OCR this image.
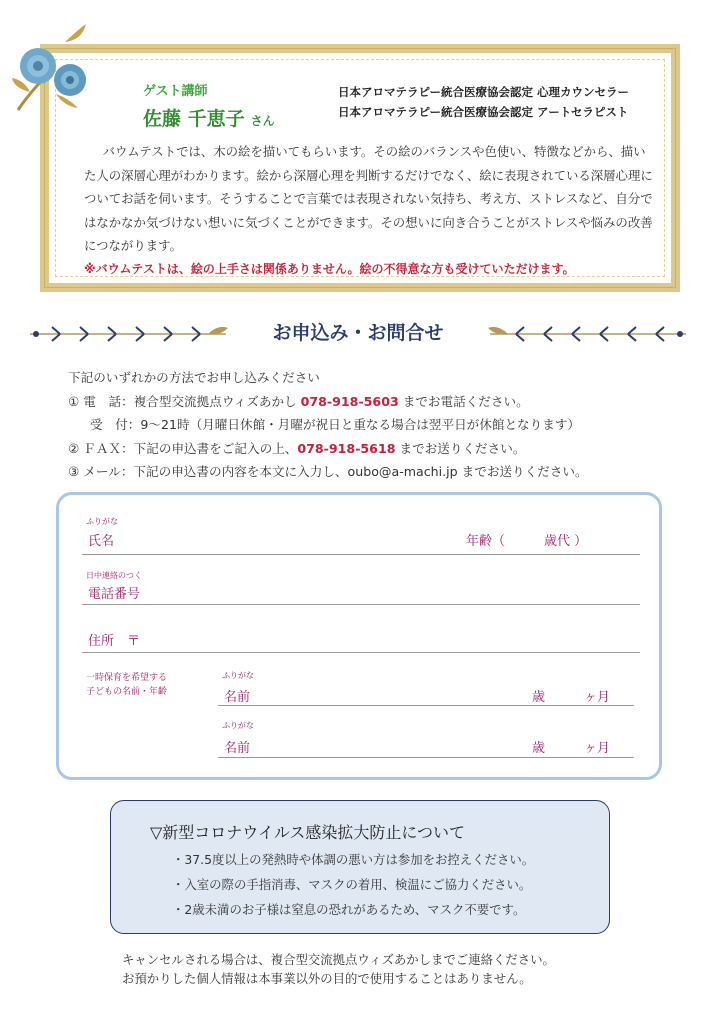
ゲスト講師
佐藤 千恵子 さん
日本アロマテラピー統合医療協会認定 心理カウンセラー
日本アロマテラピー統合医療協会認定 アートセラピスト

バウムテストでは、木の絵を描いてもらいます。その絵のバランスや色使い、特徴などから、描いた人の深層心理がわかります。絵から深層心理を判断するだけでなく、絵に表現されている深層心理についてお話を伺います。そうすることで言葉では表現されない気持ち、考え方、ストレスなど、自分ではなかなか気づけない想いに気づくことができます。その想いに向き合うことがストレスや悩みの改善につながります。

※バウムテストは、絵の上手さは関係ありません。絵の不得意な方も受けていただけます。

お申込み・お問合せ
下記のいずれかの方法でお申し込みください
① 電　話：複合型交流拠点ウィズあかし 078-918-5603 までお電話ください。
受　付：9～21時（月曜日休館・月曜が祝日と重なる場合は翌平日が休館となります）
② ＦＡＸ：下記の申込書をご記入の上、078-918-5618 までお送りください。
③ メール：下記の申込書の内容を本文に入力し、oubo@a-machi.jp までお送りください。
ふりがな
氏名	年齢（　　　歳代 ）
日中連絡のつく
電話番号
住所　〒
一時保育を希望する
子どもの名前・年齢
ふりがな
名前	歳	ヶ月
ふりがな
名前	歳	ヶ月
▽新型コロナウイルス感染拡大防止について
・37.5度以上の発熱時や体調の悪い方は参加をお控えください。
・入室の際の手指消毒、マスクの着用、検温にご協力ください。
・2歳未満のお子様は窒息の恐れがあるため、マスク不要です。
キャンセルされる場合は、複合型交流拠点ウィズあかしまでご連絡ください。
お預かりした個人情報は本事業以外の目的で使用することはありません。
